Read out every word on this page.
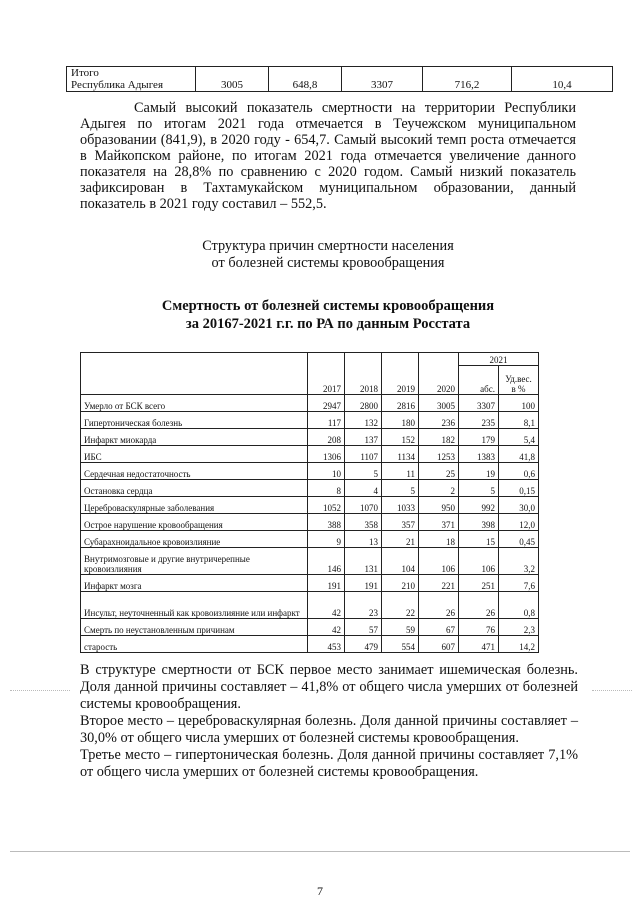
Итого
Республика Адыгея	3005	648,8	3307	716,2	10,4

Самый высокий показатель смертности на территории Республики Адыгея по итогам 2021 года отмечается в Теучежском муниципальном образовании (841,9), в 2020 году - 654,7. Самый высокий темп роста отмечается в Майкопском районе, по итогам 2021 года отмечается увеличение данного показателя на 28,8% по сравнению с 2020 годом. Самый низкий показатель зафиксирован в Тахтамукайском муниципальном образовании, данный показатель в 2021 году составил – 552,5.

Структура причин смертности населения
от болезней системы кровообращения
Смертность от болезней системы кровообращения
за 20167-2021 г.г. по РА по данным Росстата
	2017	2018	2019	2020	2021	
					абс.	Уд.вес. в %
Умерло от БСК всего	2947	2800	2816	3005	3307	100
Гипертоническая болезнь	117	132	180	236	235	8,1
Инфаркт миокарда	208	137	152	182	179	5,4
ИБС	1306	1107	1134	1253	1383	41,8
Сердечная недостаточность	10	5	11	25	19	0,6
Остановка сердца	8	4	5	2	5	0,15
Цереброваскулярные заболевания	1052	1070	1033	950	992	30,0
Острое нарушение кровообращения	388	358	357	371	398	12,0
Субарахноидальное кровоизлияние	9	13	21	18	15	0,45
Внутримозговые и другие внутричерепные кровоизлияния	146	131	104	106	106	3,2
Инфаркт мозга	191	191	210	221	251	7,6
Инсульт, неуточненный как кровоизлияние или инфаркт	42	23	22	26	26	0,8
Смерть по неустановленным причинам	42	57	59	67	76	2,3
старость	453	479	554	607	471	14,2

В структуре смертности от БСК первое место занимает ишемическая болезнь. Доля данной причины составляет – 41,8% от общего числа умерших от болезней системы кровообращения.

Второе место – цереброваскулярная болезнь. Доля данной причины составляет – 30,0% от общего числа умерших от болезней системы кровообращения.

Третье место – гипертоническая болезнь. Доля данной причины составляет 7,1% от общего числа умерших от болезней системы кровообращения.

7
